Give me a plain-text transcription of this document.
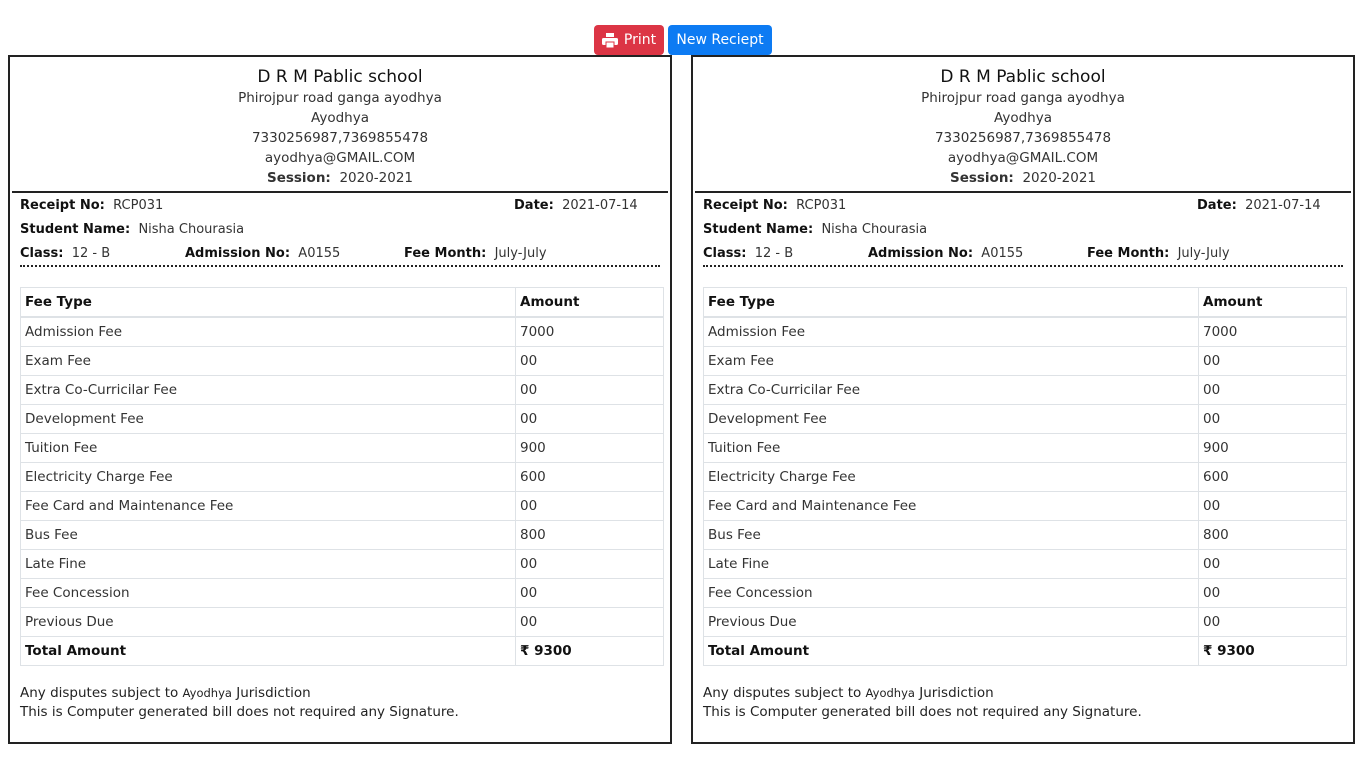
Print	New Reciept
D R M Pablic school
Phirojpur road ganga ayodhya
Ayodhya
7330256987,7369855478
ayodhya@GMAIL.COM
Session: 2020-2021
Receipt No: RCP031	Date: 2021-07-14
Student Name: Nisha Chourasia
Class: 12 - B	Admission No: A0155	Fee Month: July-July
Fee Type	Amount
Admission Fee	7000
Exam Fee	00
Extra Co-Curricilar Fee	00
Development Fee	00
Tuition Fee	900
Electricity Charge Fee	600
Fee Card and Maintenance Fee	00
Bus Fee	800
Late Fine	00
Fee Concession	00
Previous Due	00
Total Amount	₹ 9300
Any disputes subject to Ayodhya Jurisdiction
This is Computer generated bill does not required any Signature.
D R M Pablic school
Phirojpur road ganga ayodhya
Ayodhya
7330256987,7369855478
ayodhya@GMAIL.COM
Session: 2020-2021
Receipt No: RCP031	Date: 2021-07-14
Student Name: Nisha Chourasia
Class: 12 - B	Admission No: A0155	Fee Month: July-July
Fee Type	Amount
Admission Fee	7000
Exam Fee	00
Extra Co-Curricilar Fee	00
Development Fee	00
Tuition Fee	900
Electricity Charge Fee	600
Fee Card and Maintenance Fee	00
Bus Fee	800
Late Fine	00
Fee Concession	00
Previous Due	00
Total Amount	₹ 9300
Any disputes subject to Ayodhya Jurisdiction
This is Computer generated bill does not required any Signature.
